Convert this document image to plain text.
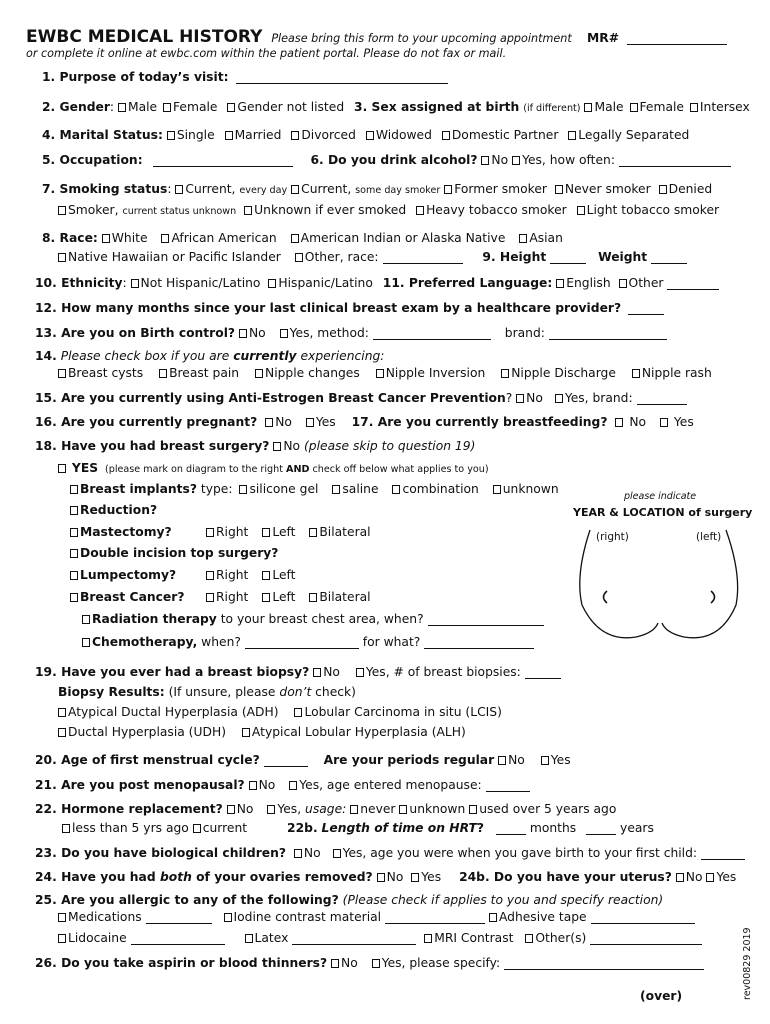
EWBC MEDICAL HISTORY Please bring this form to your upcoming appointment MR#
or complete it online at ewbc.com within the patient portal. Please do not fax or mail.
1. Purpose of today’s visit:
2. Gender: Male Female Gender not listed 3. Sex assigned at birth (if different) Male Female Intersex
4. Marital Status: Single Married Divorced Widowed Domestic Partner Legally Separated
5. Occupation:	6. Do you drink alcohol? No Yes, how often:
7. Smoking status: Current, every day Current, some day smoker Former smoker Never smoker Denied
Smoker, current status unknown Unknown if ever smoked Heavy tobacco smoker Light tobacco smoker
8. Race: White African American American Indian or Alaska Native Asian
Native Hawaiian or Pacific Islander Other, race:	9. Height	Weight
10. Ethnicity: Not Hispanic/Latino Hispanic/Latino 11. Preferred Language: English Other
12. How many months since your last clinical breast exam by a healthcare provider?
13. Are you on Birth control? No Yes, method:	brand:
14. Please check box if you are currently experiencing:
Breast cysts Breast pain Nipple changes Nipple Inversion Nipple Discharge Nipple rash
15. Are you currently using Anti-Estrogen Breast Cancer Prevention? No Yes, brand:
16. Are you currently pregnant? No Yes 17. Are you currently breastfeeding? No Yes
18. Have you had breast surgery? No (please skip to question 19)
YES (please mark on diagram to the right AND check off below what applies to you)
Breast implants? type: silicone gel saline combination unknown
Reduction?
Mastectomy?	Right Left Bilateral
Double incision top surgery?
Lumpectomy?	Right Left
Breast Cancer?	Right Left Bilateral
Radiation therapy to your breast chest area, when?
Chemotherapy, when?	for what?
please indicate
YEAR & LOCATION of surgery
(right)	(left)
19. Have you ever had a breast biopsy? No Yes, # of breast biopsies:
Biopsy Results: (If unsure, please don’t check)
Atypical Ductal Hyperplasia (ADH) Lobular Carcinoma in situ (LCIS)
Ductal Hyperplasia (UDH) Atypical Lobular Hyperplasia (ALH)
20. Age of first menstrual cycle?	Are your periods regular No Yes
21. Are you post menopausal? No Yes, age entered menopause:
22. Hormone replacement? No Yes, usage: never unknown used over 5 years ago
less than 5 yrs ago current	22b. Length of time on HRT?	months	years
23. Do you have biological children? No Yes, age you were when you gave birth to your first child:
24. Have you had both of your ovaries removed? No Yes 24b. Do you have your uterus? No Yes
25. Are you allergic to any of the following? (Please check if applies to you and specify reaction)
Medications	Iodine contrast material	Adhesive tape
Lidocaine	Latex	MRI Contrast Other(s)
26. Do you take aspirin or blood thinners? No Yes, please specify:
(over)	rev00829 2019
